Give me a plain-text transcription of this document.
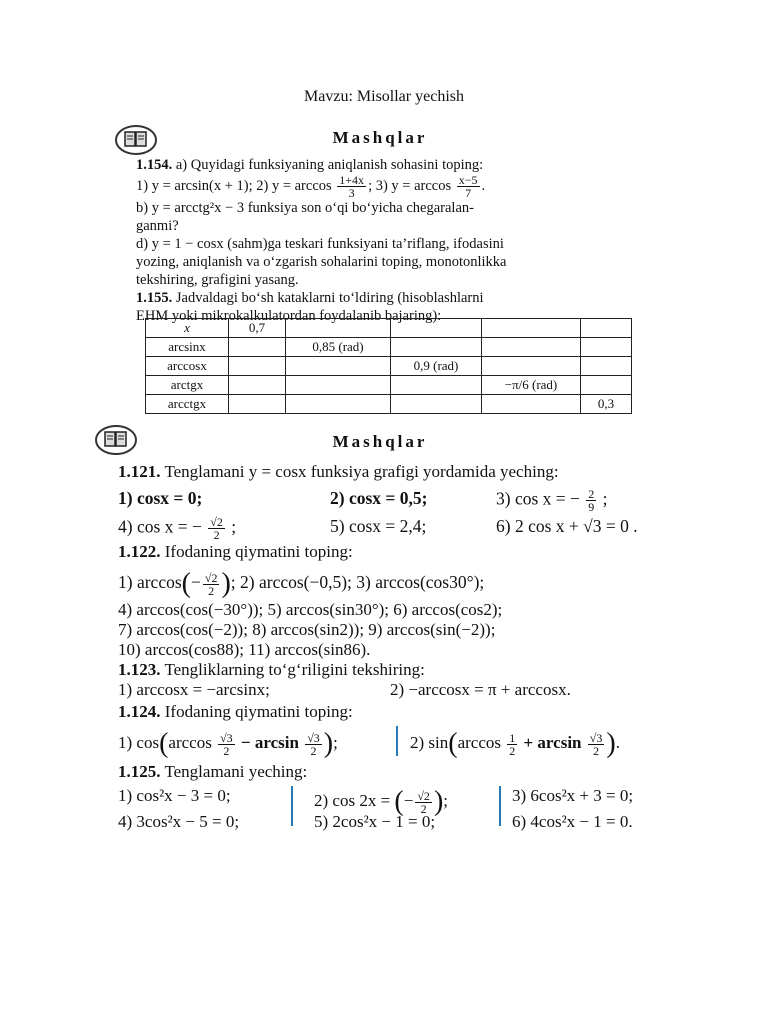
Mavzu: Misollar yechish
Mashqlar
1.154. a) Quyidagi funksiyaning aniqlanish sohasini toping:
1) y = arcsin(x + 1); 2) $y = \arccos \frac{1+4x}{3}$ ; 3) $y = \arccos \frac{x-5}{7}$ .
b) y = arcctg²x − 3 funksiya son o‘qi bo‘yicha chegaralan-
ganmi?
d) y = 1 − cosx (sahm)ga teskari funksiyani ta’riflang, ifodasini
yozing, aniqlanish va o‘zgarish sohalarini toping, monotonlikka
tekshiring, grafigini yasang.
1.155. Jadvaldagi bo‘sh kataklarni to‘ldiring (hisoblashlarni
EHM yoki mikrokalkulatordan foydalanib bajaring):
x	0,7				
arcsinx		0,85 (rad)			
arccosx			0,9 (rad)		
arctgx				−π/6 (rad)	
arcctgx					0,3
Mashqlar
1.121. Tenglamani y = cosx funksiya grafigi yordamida yeching:
1) cosx = 0;	2) cosx = 0,5;	3) cos x = − $\frac{2}{9}$ ;
4) cos x = − $\frac{√2}{2}$ ;	5) cosx = 2,4;	6) 2 cos x + √3 = 0 .
1.122. Ifodaning qiymatini toping:
1) $\arccos(- \frac{√2}{2}$ ); 2) arccos(−0,5); 3) arccos(cos30°);
4) arccos(cos(−30°)); 5) arccos(sin30°); 6) arccos(cos2);
7) arccos(cos(−2)); 8) arccos(sin2)); 9) arccos(sin(−2));
10) arccos(cos88); 11) arccos(sin86).
1.123. Tengliklarning to‘g‘riligini tekshiring:
1) arccosx = −arcsinx;	2) −arccosx = π + arccosx.
1.124. Ifodaning qiymatini toping:
1) $\cos(\arccos \frac{√3}{2} - \arcsin \frac{√3}{2}$ );	2) $\sin(\arccos \frac{1}{2} + \arcsin \frac{√3}{2}$ ).
1.125. Tenglamani yeching:
1) cos²x − 3 = 0;	2) cos 2x = (− $\frac{√2}{2}$ );	3) 6cos²x + 3 = 0;
4) 3cos²x − 5 = 0;	5) 2cos²x − 1 = 0;	6) 4cos²x − 1 = 0.
